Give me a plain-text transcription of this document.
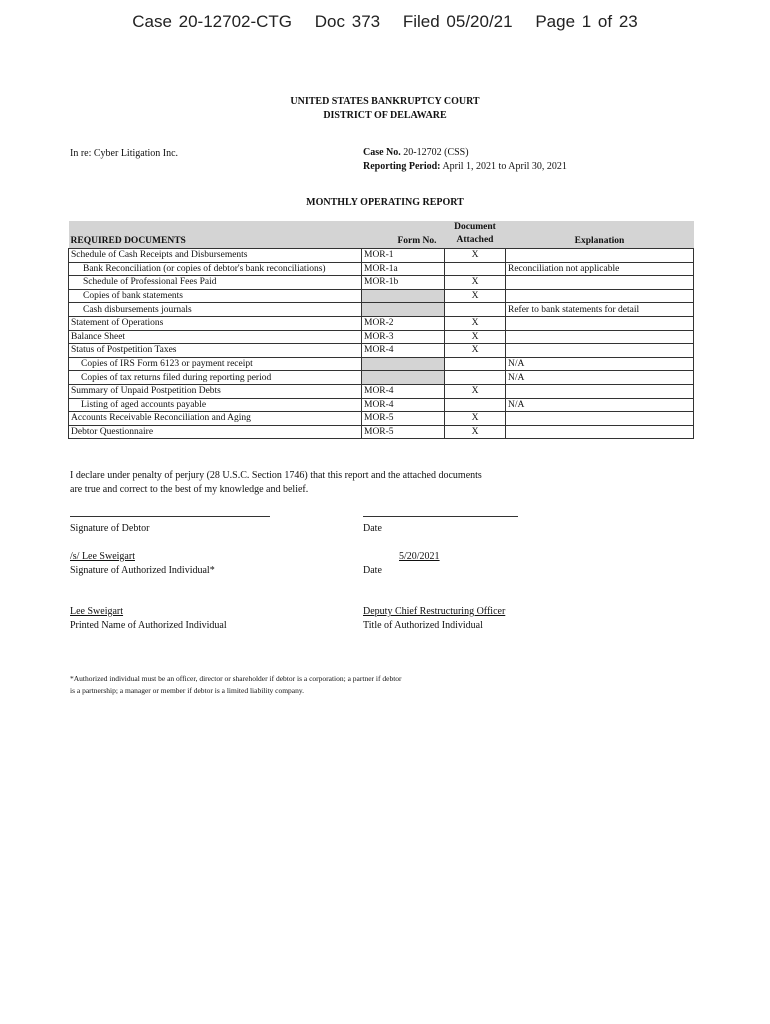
Case 20-12702-CTG Doc 373 Filed 05/20/21 Page 1 of 23
UNITED STATES BANKRUPTCY COURT
DISTRICT OF DELAWARE
In re: Cyber Litigation Inc.	Case No. 20-12702 (CSS)
Reporting Period: April 1, 2021 to April 30, 2021
MONTHLY OPERATING REPORT
REQUIRED DOCUMENTS	Form No.	Document
Attached	Explanation
Schedule of Cash Receipts and Disbursements	MOR-1	X	
Bank Reconciliation (or copies of debtor's bank reconciliations)	MOR-1a		Reconciliation not applicable
Schedule of Professional Fees Paid	MOR-1b	X	
Copies of bank statements		X	
Cash disbursements journals			Refer to bank statements for detail
Statement of Operations	MOR-2	X	
Balance Sheet	MOR-3	X	
Status of Postpetition Taxes	MOR-4	X	
Copies of IRS Form 6123 or payment receipt			N/A
Copies of tax returns filed during reporting period			N/A
Summary of Unpaid Postpetition Debts	MOR-4	X	
Listing of aged accounts payable	MOR-4		N/A
Accounts Receivable Reconciliation and Aging	MOR-5	X	
Debtor Questionnaire	MOR-5	X	
I declare under penalty of perjury (28 U.S.C. Section 1746) that this report and the attached documents
are true and correct to the best of my knowledge and belief.
Signature of Debtor	Date
/s/ Lee Sweigart	5/20/2021
Signature of Authorized Individual*	Date
Lee Sweigart	Deputy Chief Restructuring Officer
Printed Name of Authorized Individual	Title of Authorized Individual
*Authorized individual must be an officer, director or shareholder if debtor is a corporation; a partner if debtor
is a partnership; a manager or member if debtor is a limited liability company.
